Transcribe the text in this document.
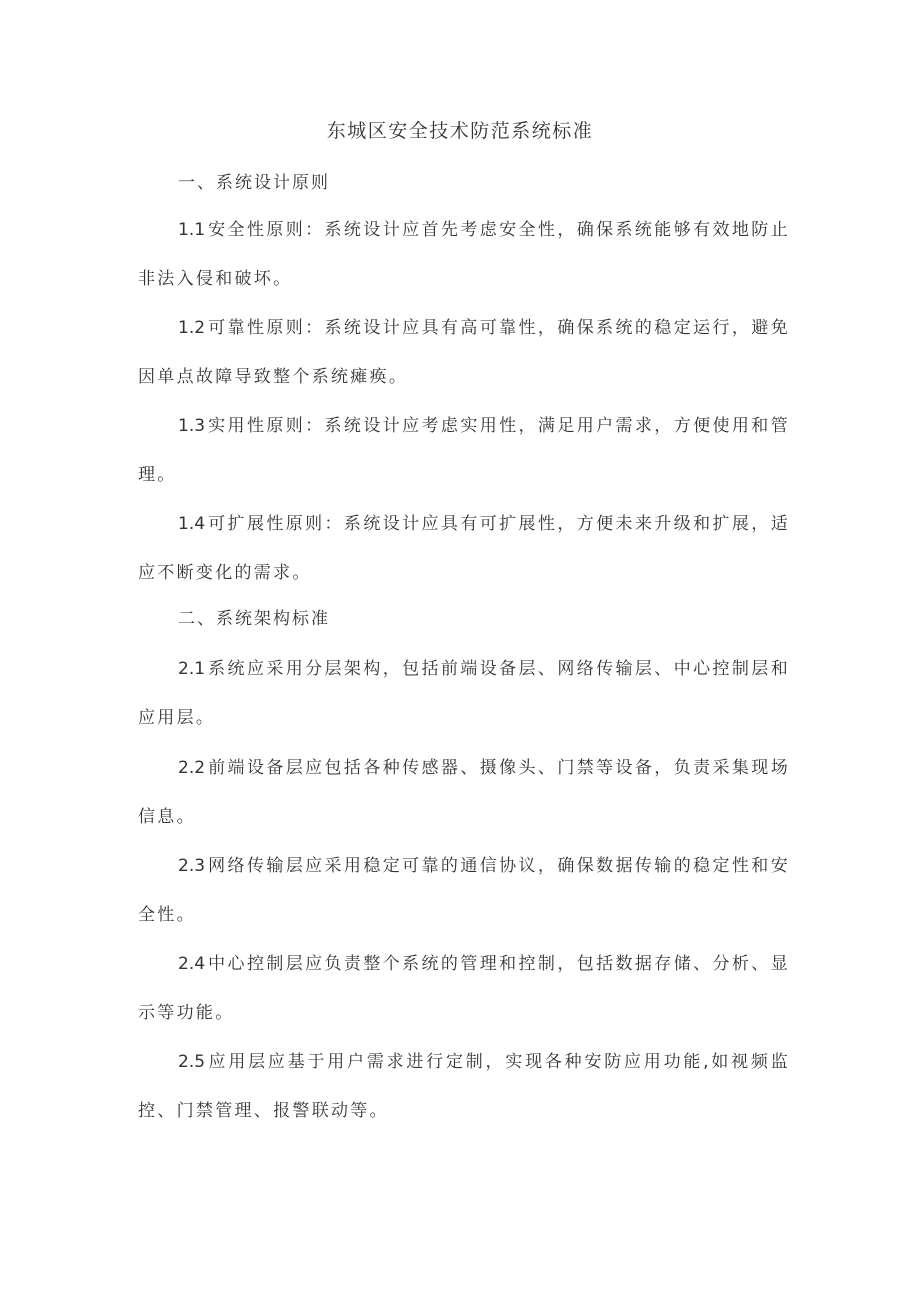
东城区安全技术防范系统标准
一、系统设计原则
1.1 安全性原则：系统设计应首先考虑安全性，确保系统能够有效地防止非法入侵和破坏。
1.2 可靠性原则：系统设计应具有高可靠性，确保系统的稳定运行，避免因单点故障导致整个系统瘫痪。
1.3 实用性原则：系统设计应考虑实用性，满足用户需求，方便使用和管理。
1.4 可扩展性原则：系统设计应具有可扩展性，方便未来升级和扩展，适应不断变化的需求。
二、系统架构标准
2.1 系统应采用分层架构，包括前端设备层、网络传输层、中心控制层和应用层。
2.2 前端设备层应包括各种传感器、摄像头、门禁等设备，负责采集现场信息。
2.3 网络传输层应采用稳定可靠的通信协议，确保数据传输的稳定性和安全性。
2.4 中心控制层应负责整个系统的管理和控制，包括数据存储、分析、显示等功能。
2.5 应用层应基于用户需求进行定制，实现各种安防应用功能,如视频监控、门禁管理、报警联动等。
